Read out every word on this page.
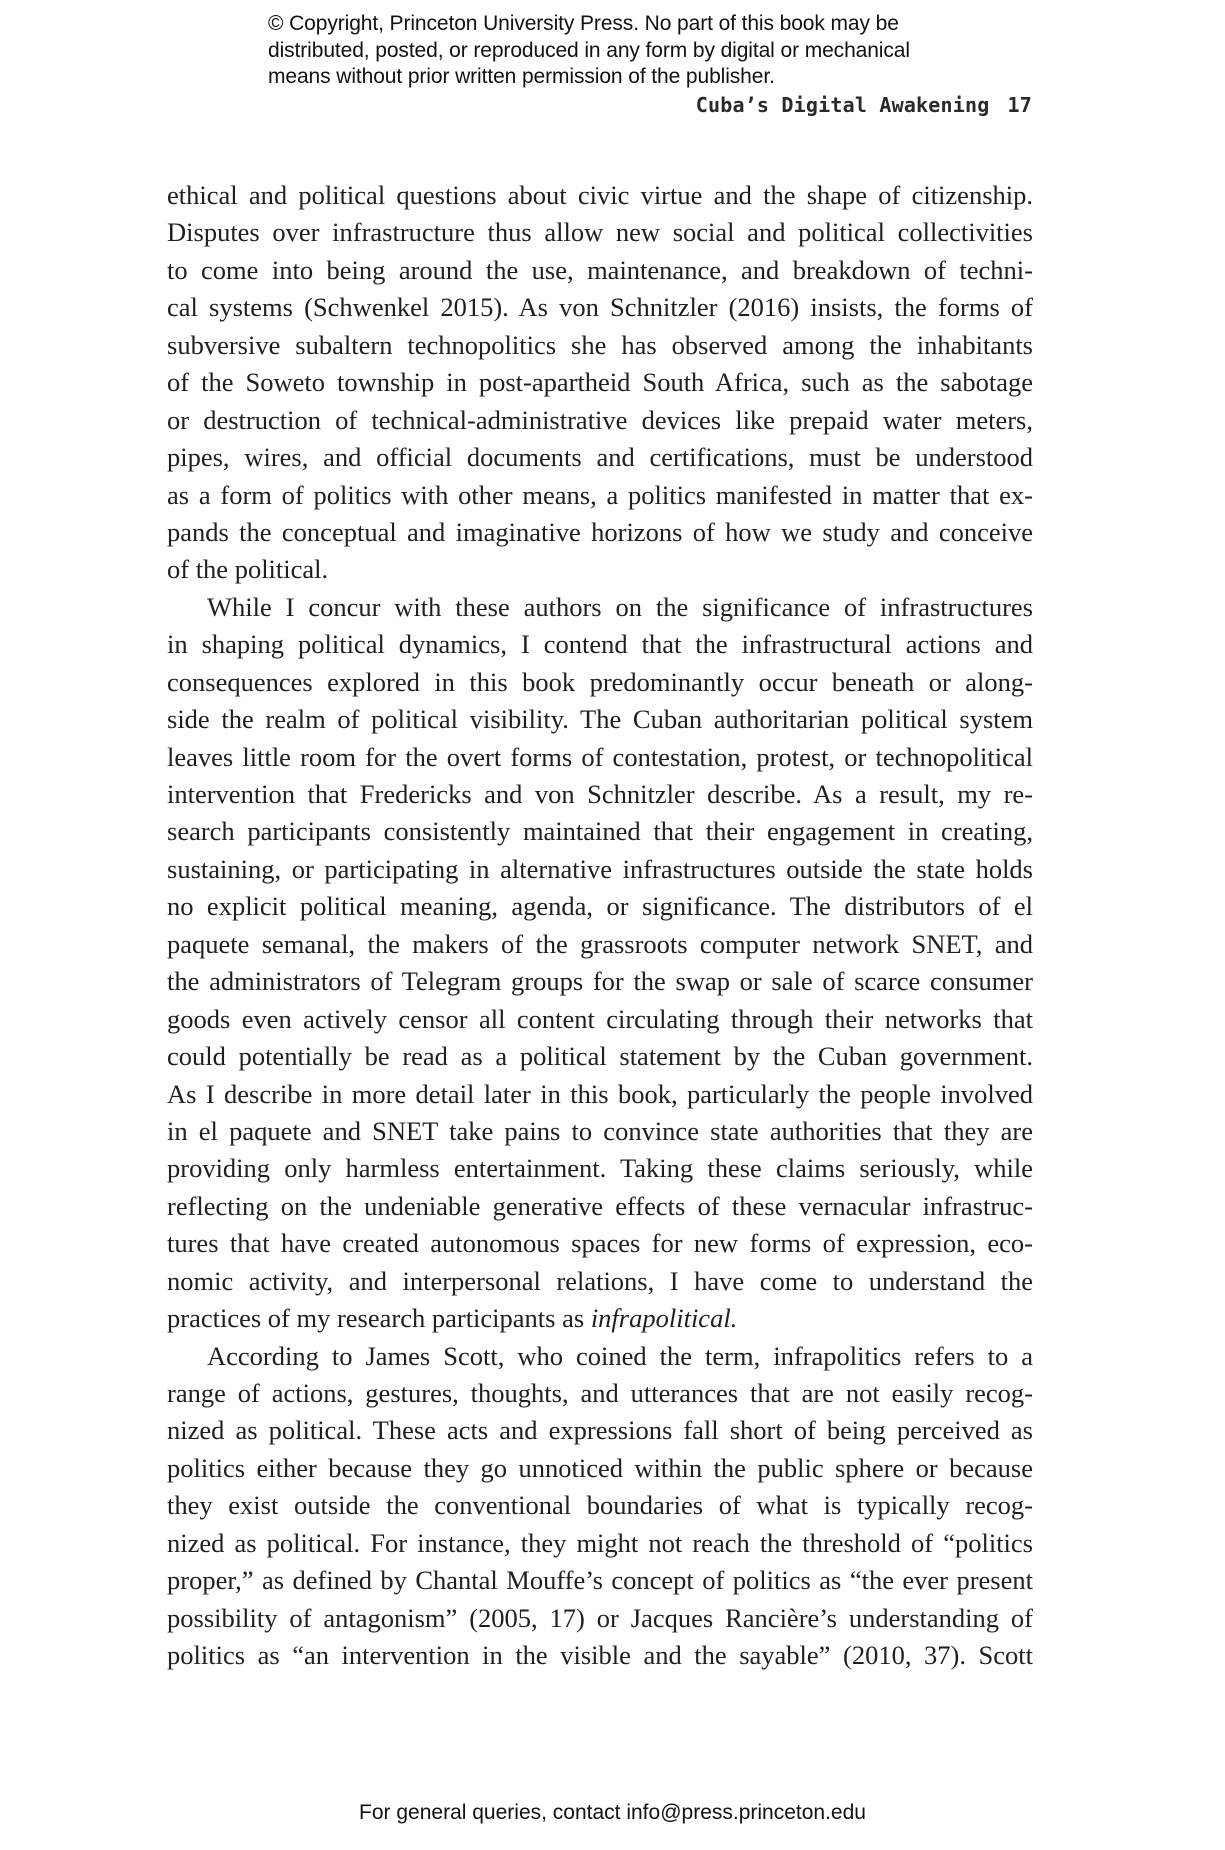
© Copyright, Princeton University Press. No part of this book may be
distributed, posted, or reproduced in any form by digital or mechanical
means without prior written permission of the publisher.
Cuba’s Digital Awakening 17
ethical and political questions about civic virtue and the shape of citizenship.
Disputes over infrastructure thus allow new social and political collectivities
to come into being around the use, maintenance, and breakdown of techni-
cal systems (Schwenkel 2015). As von Schnitzler (2016) insists, the forms of
subversive subaltern technopolitics she has observed among the inhabitants
of the Soweto township in post-apartheid South Africa, such as the sabotage
or destruction of technical-administrative devices like prepaid water meters,
pipes, wires, and official documents and certifications, must be understood
as a form of politics with other means, a politics manifested in matter that ex-
pands the conceptual and imaginative horizons of how we study and conceive
of the political.
While I concur with these authors on the significance of infrastructures
in shaping political dynamics, I contend that the infrastructural actions and
consequences explored in this book predominantly occur beneath or along-
side the realm of political visibility. The Cuban authoritarian political system
leaves little room for the overt forms of contestation, protest, or technopolitical
intervention that Fredericks and von Schnitzler describe. As a result, my re-
search participants consistently maintained that their engagement in creating,
sustaining, or participating in alternative infrastructures outside the state holds
no explicit political meaning, agenda, or significance. The distributors of el
paquete semanal, the makers of the grassroots computer network SNET, and
the administrators of Telegram groups for the swap or sale of scarce consumer
goods even actively censor all content circulating through their networks that
could potentially be read as a political statement by the Cuban government.
As I describe in more detail later in this book, particularly the people involved
in el paquete and SNET take pains to convince state authorities that they are
providing only harmless entertainment. Taking these claims seriously, while
reflecting on the undeniable generative effects of these vernacular infrastruc-
tures that have created autonomous spaces for new forms of expression, eco-
nomic activity, and interpersonal relations, I have come to understand the
practices of my research participants as infrapolitical.
According to James Scott, who coined the term, infrapolitics refers to a
range of actions, gestures, thoughts, and utterances that are not easily recog-
nized as political. These acts and expressions fall short of being perceived as
politics either because they go unnoticed within the public sphere or because
they exist outside the conventional boundaries of what is typically recog-
nized as political. For instance, they might not reach the threshold of “politics
proper,” as defined by Chantal Mouffe’s concept of politics as “the ever present
possibility of antagonism” (2005, 17) or Jacques Rancière’s understanding of
politics as “an intervention in the visible and the sayable” (2010, 37). Scott
For general queries, contact info@press.princeton.edu
